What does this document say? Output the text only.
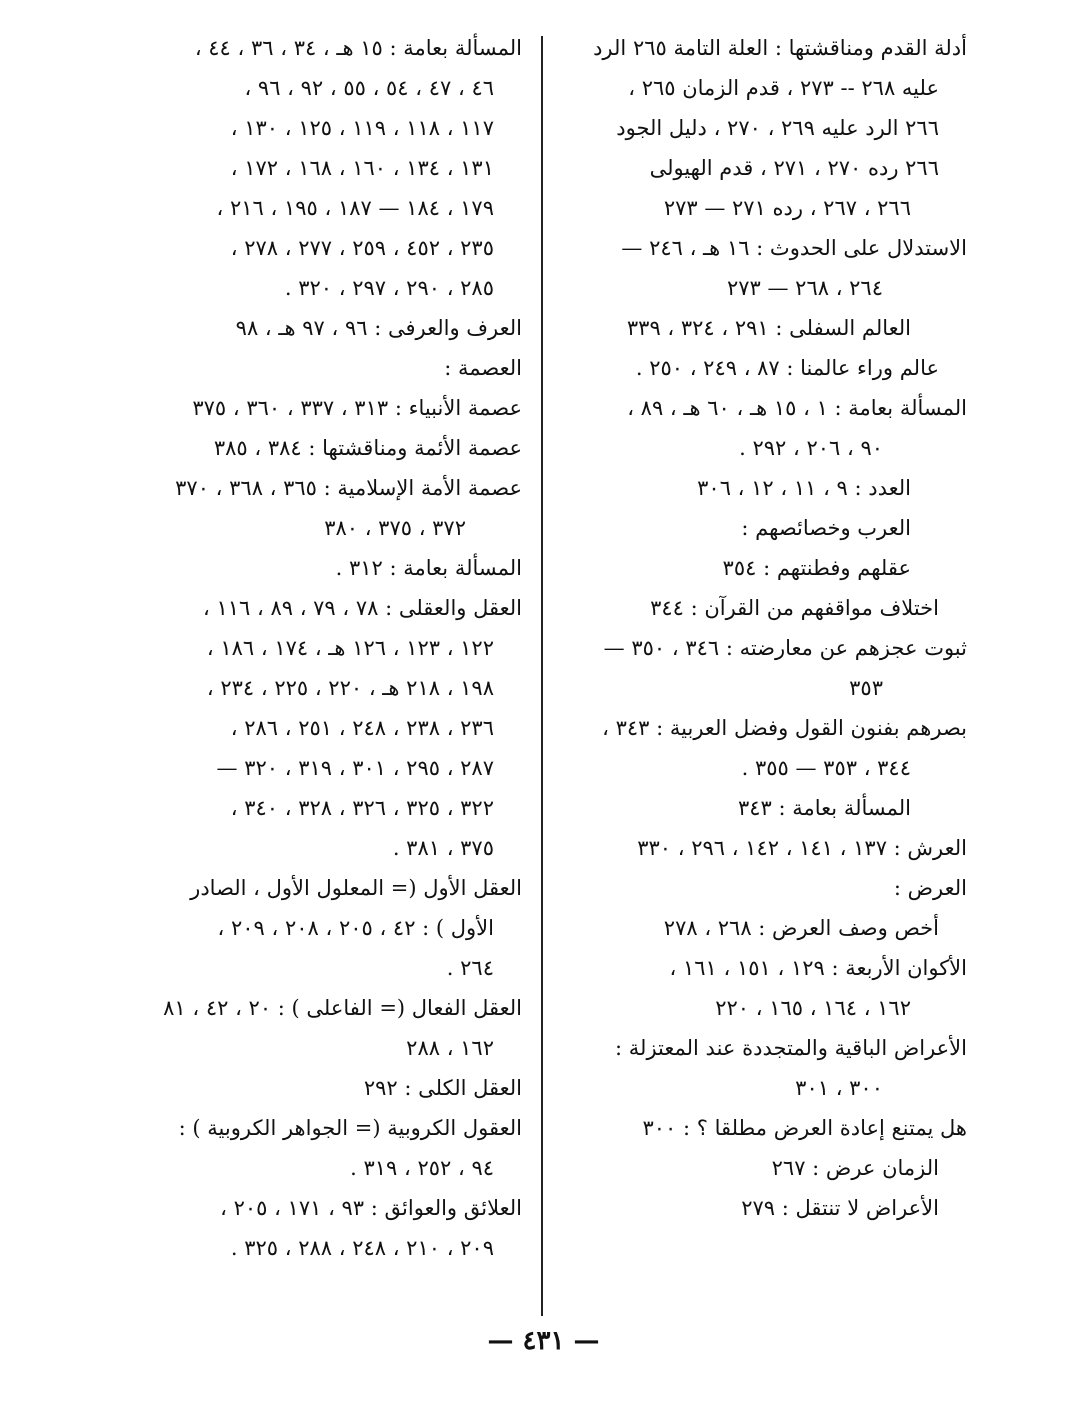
أدلة القدم ومناقشتها : العلة التامة ٢٦٥ الرد
عليه ٢٦٨ -- ٢٧٣ ، قدم الزمان ٢٦٥ ،
٢٦٦ الرد عليه ٢٦٩ ، ٢٧٠ ، دليل الجود
٢٦٦ رده ٢٧٠ ، ٢٧١ ، قدم الهيولى
٢٦٦ ، ٢٦٧ ، رده ٢٧١ — ٢٧٣
الاستدلال على الحدوث : ١٦ هـ ، ٢٤٦ —
٢٦٤ ، ٢٦٨ — ٢٧٣
العالم السفلى : ٢٩١ ، ٣٢٤ ، ٣٣٩
عالم وراء عالمنا : ٨٧ ، ٢٤٩ ، ٢٥٠ .
المسألة بعامة : ١ ، ١٥ هـ ، ٦٠ هـ ، ٨٩ ،
٩٠ ، ٢٠٦ ، ٢٩٢ .
العدد : ٩ ، ١١ ، ١٢ ، ٣٠٦
العرب وخصائصهم :
عقلهم وفطنتهم : ٣٥٤
اختلاف مواقفهم من القرآن : ٣٤٤
ثبوت عجزهم عن معارضته : ٣٤٦ ، ٣٥٠ —
٣٥٣
بصرهم بفنون القول وفضل العربية : ٣٤٣ ،
٣٤٤ ، ٣٥٣ — ٣٥٥ .
المسألة بعامة : ٣٤٣
العرش : ١٣٧ ، ١٤١ ، ١٤٢ ، ٢٩٦ ، ٣٣٠
العرض :
أخص وصف العرض : ٢٦٨ ، ٢٧٨
الأكوان الأربعة : ١٢٩ ، ١٥١ ، ١٦١ ،
١٦٢ ، ١٦٤ ، ١٦٥ ، ٢٢٠
الأعراض الباقية والمتجددة عند المعتزلة :
٣٠٠ ، ٣٠١
هل يمتنع إعادة العرض مطلقا ؟ : ٣٠٠
الزمان عرض : ٢٦٧
الأعراض لا تنتقل : ٢٧٩
المسألة بعامة : ١٥ هـ ، ٣٤ ، ٣٦ ، ٤٤ ،
٤٦ ، ٤٧ ، ٥٤ ، ٥٥ ، ٩٢ ، ٩٦ ،
١١٧ ، ١١٨ ، ١١٩ ، ١٢٥ ، ١٣٠ ،
١٣١ ، ١٣٤ ، ١٦٠ ، ١٦٨ ، ١٧٢ ،
١٧٩ ، ١٨٤ — ١٨٧ ، ١٩٥ ، ٢١٦ ،
٢٣٥ ، ٤٥٢ ، ٢٥٩ ، ٢٧٧ ، ٢٧٨ ،
٢٨٥ ، ٢٩٠ ، ٢٩٧ ، ٣٢٠ .
العرف والعرفى : ٩٦ ، ٩٧ هـ ، ٩٨
العصمة :
عصمة الأنبياء : ٣١٣ ، ٣٣٧ ، ٣٦٠ ، ٣٧٥
عصمة الأئمة ومناقشتها : ٣٨٤ ، ٣٨٥
عصمة الأمة الإسلامية : ٣٦٥ ، ٣٦٨ ، ٣٧٠
٣٧٢ ، ٣٧٥ ، ٣٨٠
المسألة بعامة : ٣١٢ .
العقل والعقلى : ٧٨ ، ٧٩ ، ٨٩ ، ١١٦ ،
١٢٢ ، ١٢٣ ، ١٢٦ هـ ، ١٧٤ ، ١٨٦ ،
١٩٨ ، ٢١٨ هـ ، ٢٢٠ ، ٢٢٥ ، ٢٣٤ ،
٢٣٦ ، ٢٣٨ ، ٢٤٨ ، ٢٥١ ، ٢٨٦ ،
٢٨٧ ، ٢٩٥ ، ٣٠١ ، ٣١٩ ، ٣٢٠ —
٣٢٢ ، ٣٢٥ ، ٣٢٦ ، ٣٢٨ ، ٣٤٠ ،
٣٧٥ ، ٣٨١ .
العقل الأول (= المعلول الأول ، الصادر
الأول ) : ٤٢ ، ٢٠٥ ، ٢٠٨ ، ٢٠٩ ،
٢٦٤ .
العقل الفعال (= الفاعلى ) : ٢٠ ، ٤٢ ، ٨١
١٦٢ ، ٢٨٨
العقل الكلى : ٢٩٢
العقول الكروبية (= الجواهر الكروبية ) :
٩٤ ، ٢٥٢ ، ٣١٩ .
العلائق والعوائق : ٩٣ ، ١٧١ ، ٢٠٥ ،
٢٠٩ ، ٢١٠ ، ٢٤٨ ، ٢٨٨ ، ٣٢٥ .
— ٤٣١ —
